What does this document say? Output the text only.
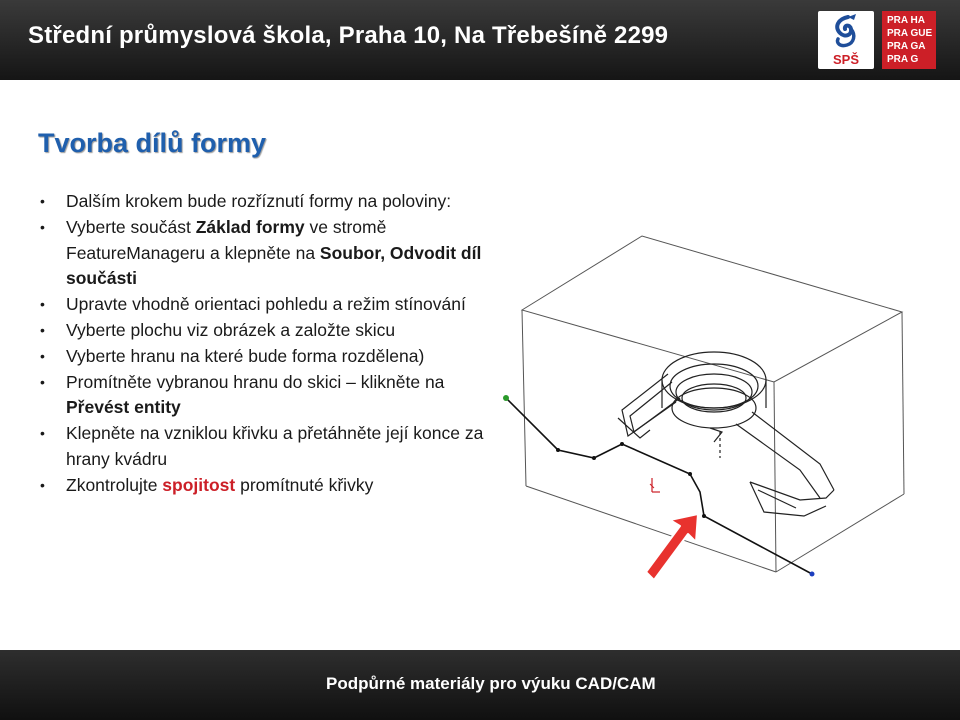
Střední průmyslová škola, Praha 10, Na Třebešíně 2299
SPŠ
PRA HA
PRA GUE
PRA GA
PRA G
Tvorba dílů formy
• Dalším krokem bude rozříznutí formy na poloviny:
• Vyberte součást Základ formy ve stromě FeatureManageru a klepněte na Soubor, Odvodit díl součásti
• Upravte vhodně orientaci pohledu a režim stínování
• Vyberte plochu viz obrázek a založte skicu
• Vyberte hranu na které bude forma rozdělena)
• Promítněte vybranou hranu do skici – klikněte na Převést entity
• Klepněte na vzniklou křivku a přetáhněte její konce za hrany kvádru
• Zkontrolujte spojitost promítnuté křivky
Podpůrné materiály pro výuku CAD/CAM
